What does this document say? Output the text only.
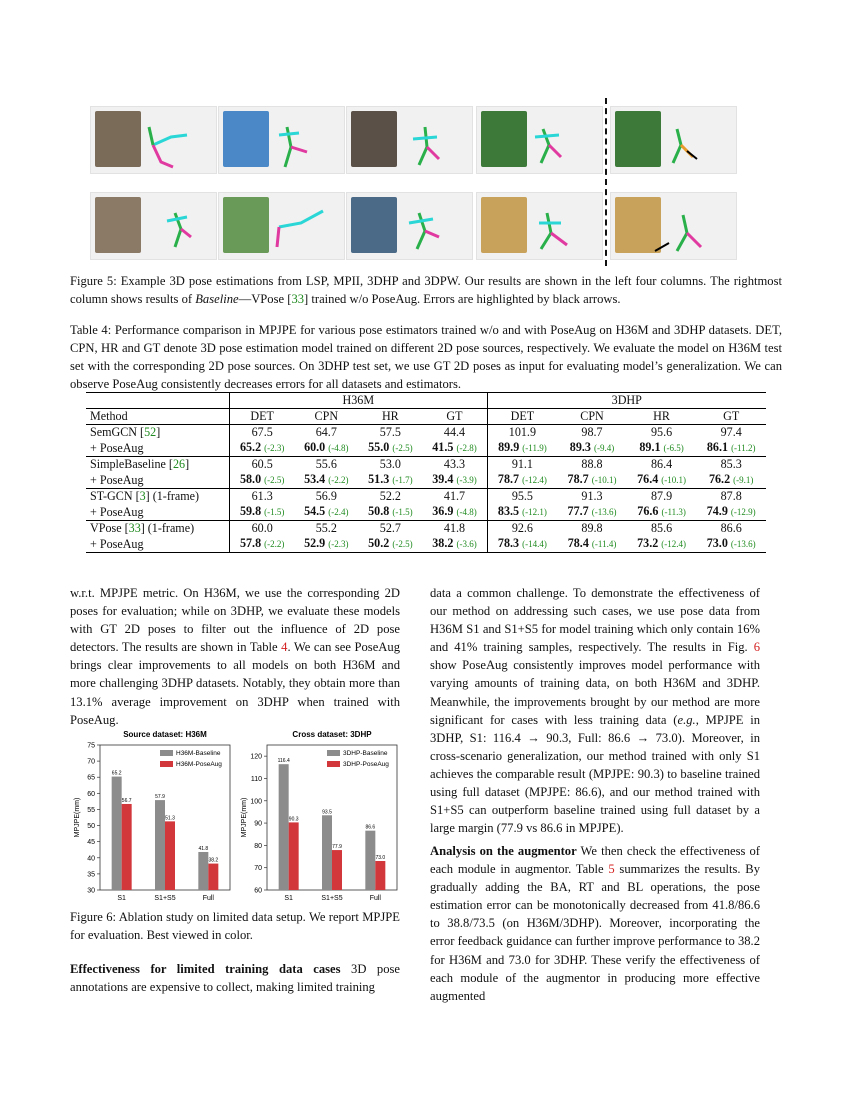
Figure 5: Example 3D pose estimations from LSP, MPII, 3DHP and 3DPW. Our results are shown in the left four columns. The rightmost column shows results of Baseline—VPose [33] trained w/o PoseAug. Errors are highlighted by black arrows.
Table 4: Performance comparison in MPJPE for various pose estimators trained w/o and with PoseAug on H36M and 3DHP datasets. DET, CPN, HR and GT denote 3D pose estimation model trained on different 2D pose sources, respectively. We evaluate the model on H36M test set with the corresponding 2D pose sources. On 3DHP test set, we use GT 2D poses as input for evaluating model’s generalization. We can observe PoseAug consistently decreases errors for all datasets and estimators.
	H36M				3DHP			
Method	DET	CPN	HR	GT	DET	CPN	HR	GT
SemGCN [52]	67.5	64.7	57.5	44.4	101.9	98.7	95.6	97.4
+ PoseAug	65.2 (-2.3)	60.0 (-4.8)	55.0 (-2.5)	41.5 (-2.8)	89.9 (-11.9)	89.3 (-9.4)	89.1 (-6.5)	86.1 (-11.2)
SimpleBaseline [26]	60.5	55.6	53.0	43.3	91.1	88.8	86.4	85.3
+ PoseAug	58.0 (-2.5)	53.4 (-2.2)	51.3 (-1.7)	39.4 (-3.9)	78.7 (-12.4)	78.7 (-10.1)	76.4 (-10.1)	76.2 (-9.1)
ST-GCN [3] (1-frame)	61.3	56.9	52.2	41.7	95.5	91.3	87.9	87.8
+ PoseAug	59.8 (-1.5)	54.5 (-2.4)	50.8 (-1.5)	36.9 (-4.8)	83.5 (-12.1)	77.7 (-13.6)	76.6 (-11.3)	74.9 (-12.9)
VPose [33] (1-frame)	60.0	55.2	52.7	41.8	92.6	89.8	85.6	86.6
+ PoseAug	57.8 (-2.2)	52.9 (-2.3)	50.2 (-2.5)	38.2 (-3.6)	78.3 (-14.4)	78.4 (-11.4)	73.2 (-12.4)	73.0 (-13.6)
w.r.t. MPJPE metric. On H36M, we use the corresponding 2D poses for evaluation; while on 3DHP, we evaluate these models with GT 2D poses to filter out the influence of 2D pose detectors. The results are shown in Table 4. We can see PoseAug brings clear improvements to all models on both H36M and more challenging 3DHP datasets. Notably, they obtain more than 13.1% average improvement on 3DHP when trained with PoseAug.
Source dataset: H36M
30
35
40
45
50
55
60
65
70
75
MPJPE(mm)
S1
65.2
56.7
S1+S5
57.9
51.3
Full
41.8
38.2
H36M-Baseline
H36M-PoseAug
Cross dataset: 3DHP
60
70
80
90
100
110
120
MPJPE(mm)
S1
116.4
90.3
S1+S5
93.5
77.9
Full
86.6
73.0
3DHP-Baseline
3DHP-PoseAug
Figure 6: Ablation study on limited data setup. We report MPJPE for evaluation. Best viewed in color.
Effectiveness for limited training data cases 3D pose annotations are expensive to collect, making limited training
data a common challenge. To demonstrate the effectiveness of our method on addressing such cases, we use pose data from H36M S1 and S1+S5 for model training which only contain 16% and 41% training samples, respectively. The results in Fig. 6 show PoseAug consistently improves model performance with varying amounts of training data, on both H36M and 3DHP. Meanwhile, the improvements brought by our method are more significant for cases with less training data (e.g., MPJPE in 3DHP, S1: 116.4 → 90.3, Full: 86.6 → 73.0). Moreover, in cross-scenario generalization, our method trained with only S1 achieves the comparable result (MPJPE: 90.3) to baseline trained using full dataset (MPJPE: 86.6), and our method trained with S1+S5 can outperform baseline trained using full dataset by a large margin (77.9 vs 86.6 in MPJPE).
Analysis on the augmentor We then check the effectiveness of each module in augmentor. Table 5 summarizes the results. By gradually adding the BA, RT and BL operations, the pose estimation error can be monotonically decreased from 41.8/86.6 to 38.8/73.5 (on H36M/3DHP). Moreover, incorporating the error feedback guidance can further improve performance to 38.2 for H36M and 73.0 for 3DHP. These verify the effectiveness of each module of the augmentor in producing more effective augmented
